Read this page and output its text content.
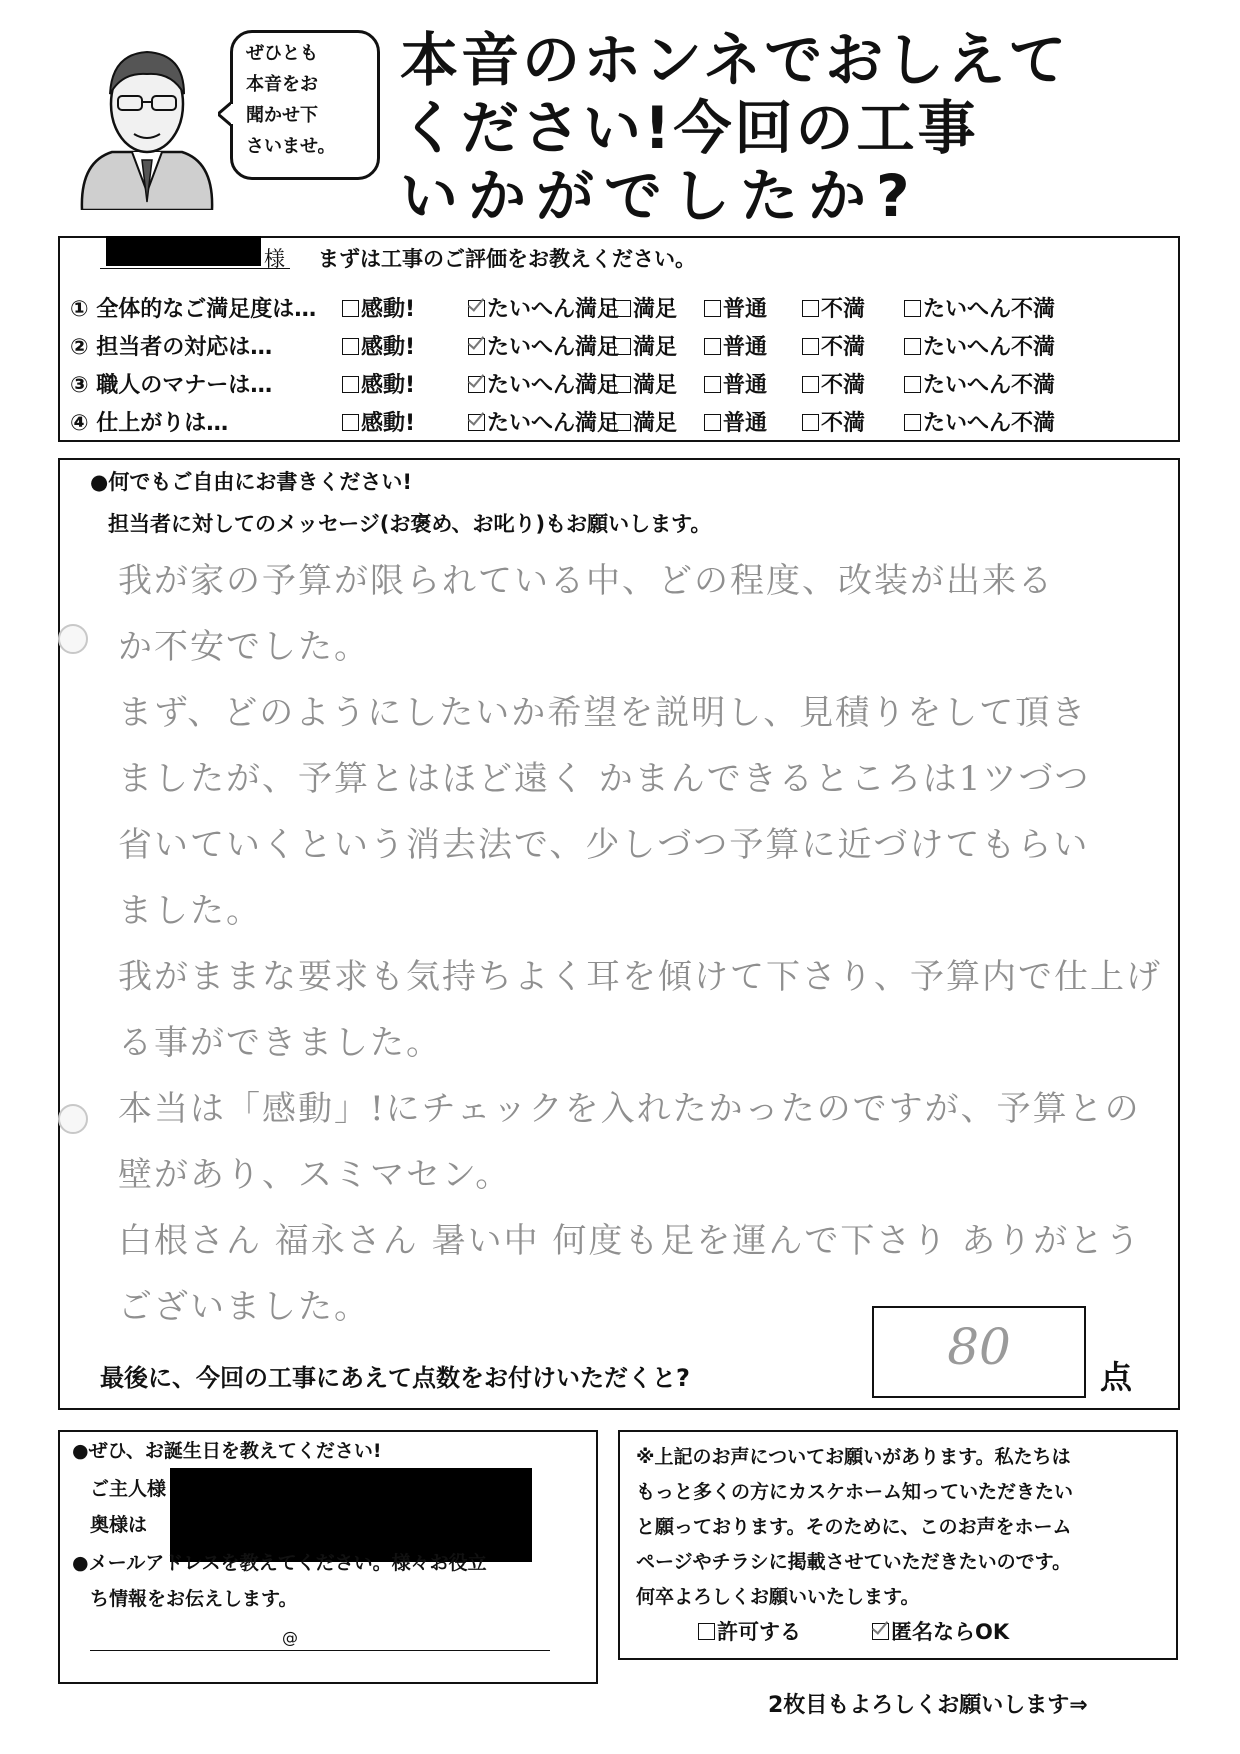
ぜひとも
本音をお
聞かせ下
さいませ。
本音のホンネでおしえて
ください!今回の工事
いかがでしたか?
様 まずは工事のご評価をお教えください。
① 全体的なご満足度は…	感動!	たいへん満足 満足	普通	不満	たいへん不満
② 担当者の対応は…	感動!	たいへん満足 満足	普通	不満	たいへん不満
③ 職人のマナーは…	感動!	たいへん満足 満足	普通	不満	たいへん不満
④ 仕上がりは…	感動!	たいへん満足 満足	普通	不満	たいへん不満
●何でもご自由にお書きください!
担当者に対してのメッセージ(お褒め、お叱り)もお願いします。
我が家の予算が限られている中、どの程度、改装が出来る
か不安でした。
まず、どのようにしたいか希望を説明し、見積りをして頂き
ましたが、予算とはほど遠く かまんできるところは1ツづつ
省いていくという消去法で、少しづつ予算に近づけてもらい
ました。
我がままな要求も気持ちよく耳を傾けて下さり、予算内で仕上げ
る事ができました。
本当は「感動」!にチェックを入れたかったのですが、予算との
壁があり、スミマセン。
白根さん 福永さん 暑い中 何度も足を運んで下さり ありがとう
ございました。
最後に、今回の工事にあえて点数をお付けいただくと?
80
点
●ぜひ、お誕生日を教えてください!
ご主人様
奥様は
●メールアドレスを教えてください。様々お役立
ち情報をお伝えします。
@
※上記のお声についてお願いがあります。私たちは
もっと多くの方にカスケホーム知っていただきたい
と願っております。そのために、このお声をホーム
ページやチラシに掲載させていただきたいのです。
何卒よろしくお願いいたします。
許可する	匿名ならOK
2枚目もよろしくお願いします⇒
